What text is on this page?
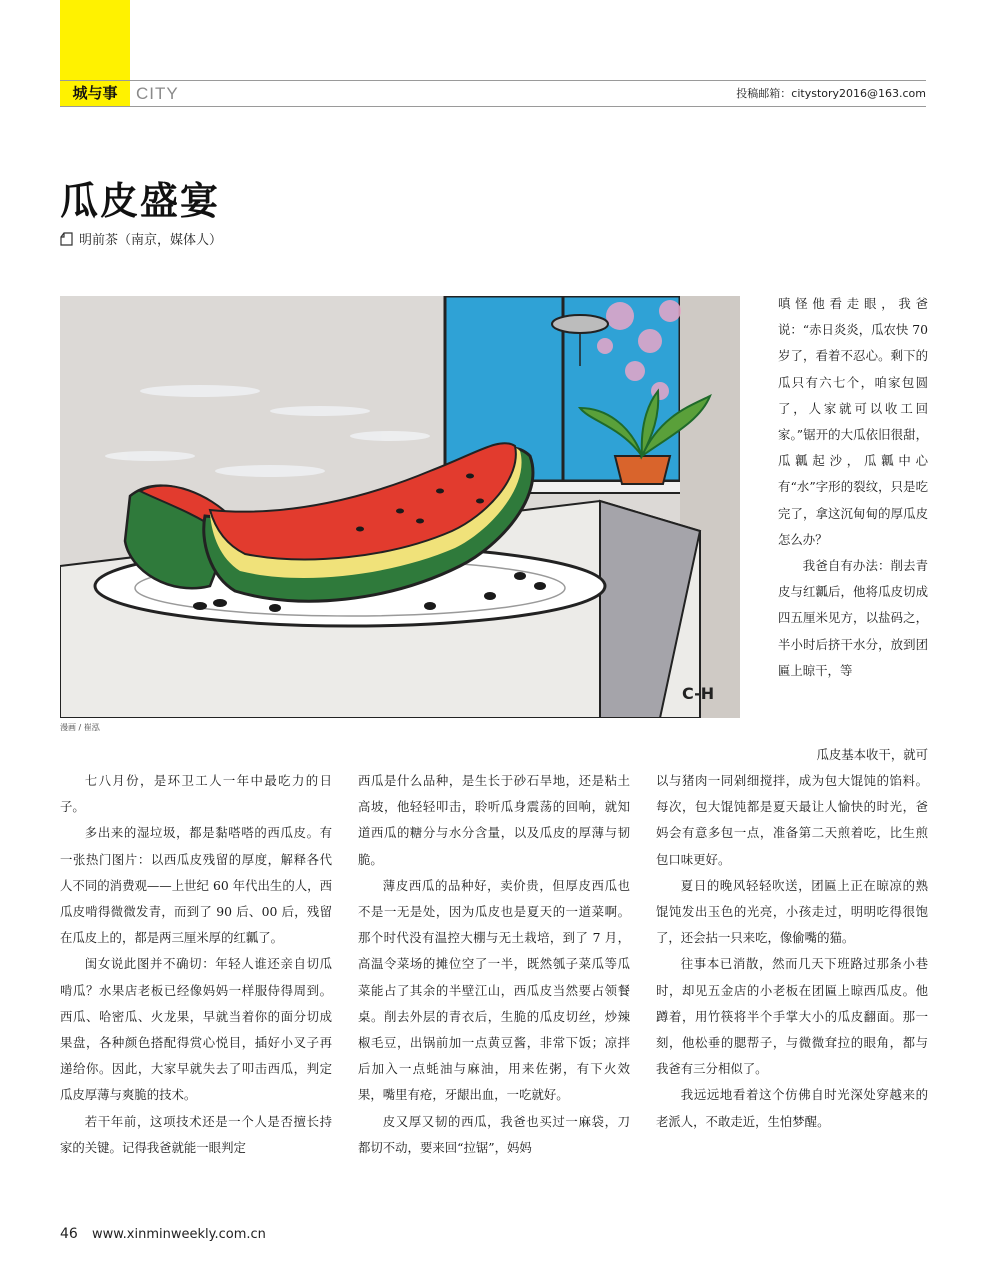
城与事	CITY	投稿邮箱：citystory2016@163.com
瓜皮盛宴
明前茶（南京，媒体人）
C-H
漫画 / 崔泓

嗔怪他看走眼，我爸说：“赤日炎炎，瓜农快 70 岁了，看着不忍心。剩下的瓜只有六七个，咱家包圆了，人家就可以收工回家。”锯开的大瓜依旧很甜，瓜瓤起沙，瓜瓤中心有“水”字形的裂纹，只是吃完了，拿这沉甸甸的厚瓜皮怎么办？

我爸自有办法：削去青皮与红瓤后，他将瓜皮切成四五厘米见方，以盐码之，半小时后挤干水分，放到团匾上晾干，等

瓜皮基本收干，就可

七八月份，是环卫工人一年中最吃力的日子。

多出来的湿垃圾，都是黏嗒嗒的西瓜皮。有一张热门图片：以西瓜皮残留的厚度，解释各代人不同的消费观——上世纪 60 年代出生的人，西瓜皮啃得微微发青，而到了 90 后、00 后，残留在瓜皮上的，都是两三厘米厚的红瓤了。

闺女说此图并不确切：年轻人谁还亲自切瓜啃瓜？水果店老板已经像妈妈一样服侍得周到。西瓜、哈密瓜、火龙果，早就当着你的面分切成果盘，各种颜色搭配得赏心悦目，插好小叉子再递给你。因此，大家早就失去了叩击西瓜，判定瓜皮厚薄与爽脆的技术。

若干年前，这项技术还是一个人是否擅长持家的关键。记得我爸就能一眼判定

西瓜是什么品种，是生长于砂石旱地，还是粘土高坡，他轻轻叩击，聆听瓜身震荡的回响，就知道西瓜的糖分与水分含量，以及瓜皮的厚薄与韧脆。

薄皮西瓜的品种好，卖价贵，但厚皮西瓜也不是一无是处，因为瓜皮也是夏天的一道菜啊。那个时代没有温控大棚与无土栽培，到了 7 月，高温令菜场的摊位空了一半，既然瓠子菜瓜等瓜菜能占了其余的半壁江山，西瓜皮当然要占领餐桌。削去外层的青衣后，生脆的瓜皮切丝，炒辣椒毛豆，出锅前加一点黄豆酱，非常下饭；凉拌后加入一点蚝油与麻油，用来佐粥，有下火效果，嘴里有疮，牙龈出血，一吃就好。

皮又厚又韧的西瓜，我爸也买过一麻袋，刀都切不动，要来回“拉锯”，妈妈

以与猪肉一同剁细搅拌，成为包大馄饨的馅料。每次，包大馄饨都是夏天最让人愉快的时光，爸妈会有意多包一点，准备第二天煎着吃，比生煎包口味更好。

夏日的晚风轻轻吹送，团匾上正在晾凉的熟馄饨发出玉色的光亮，小孩走过，明明吃得很饱了，还会拈一只来吃，像偷嘴的猫。

往事本已消散，然而几天下班路过那条小巷时，却见五金店的小老板在团匾上晾西瓜皮。他蹲着，用竹筷将半个手掌大小的瓜皮翻面。那一刻，他松垂的腮帮子，与微微耷拉的眼角，都与我爸有三分相似了。

我远远地看着这个仿佛自时光深处穿越来的老派人，不敢走近，生怕梦醒。

46 www.xinminweekly.com.cn
